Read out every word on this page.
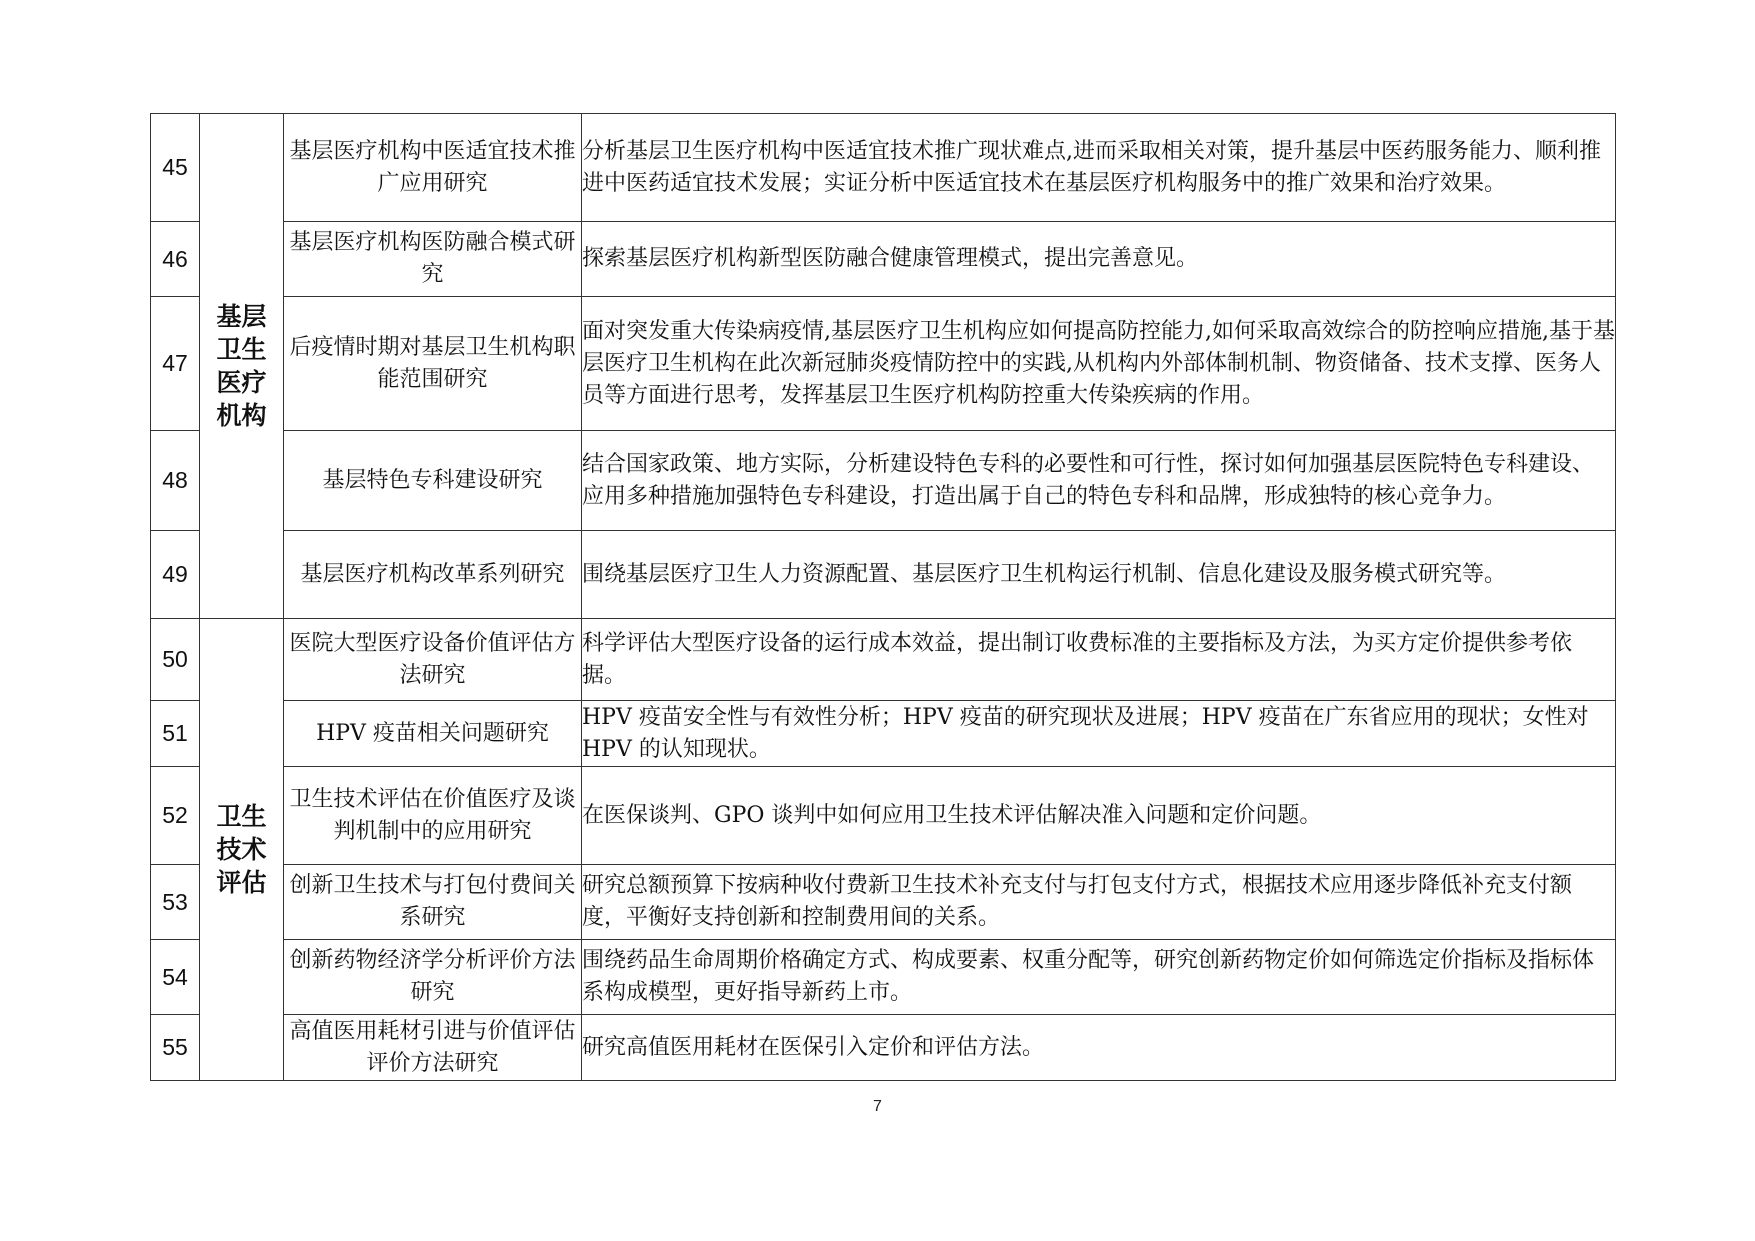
45	基层卫生医疗机构	基层医疗机构中医适宜技术推广应用研究	分析基层卫生医疗机构中医适宜技术推广现状难点,进而采取相关对策，提升基层中医药服务能力、顺利推进中医药适宜技术发展；实证分析中医适宜技术在基层医疗机构服务中的推广效果和治疗效果。
46		基层医疗机构医防融合模式研究	探索基层医疗机构新型医防融合健康管理模式，提出完善意见。
47		后疫情时期对基层卫生机构职能范围研究	面对突发重大传染病疫情,基层医疗卫生机构应如何提高防控能力,如何采取高效综合的防控响应措施,基于基层医疗卫生机构在此次新冠肺炎疫情防控中的实践,从机构内外部体制机制、物资储备、技术支撑、医务人员等方面进行思考，发挥基层卫生医疗机构防控重大传染疾病的作用。
48		基层特色专科建设研究	结合国家政策、地方实际，分析建设特色专科的必要性和可行性，探讨如何加强基层医院特色专科建设、应用多种措施加强特色专科建设，打造出属于自己的特色专科和品牌，形成独特的核心竞争力。
49		基层医疗机构改革系列研究	围绕基层医疗卫生人力资源配置、基层医疗卫生机构运行机制、信息化建设及服务模式研究等。
50	卫生技术评估	医院大型医疗设备价值评估方法研究	科学评估大型医疗设备的运行成本效益，提出制订收费标准的主要指标及方法，为买方定价提供参考依据。
51		HPV 疫苗相关问题研究	HPV 疫苗安全性与有效性分析；HPV 疫苗的研究现状及进展；HPV 疫苗在广东省应用的现状；女性对 HPV 的认知现状。
52		卫生技术评估在价值医疗及谈判机制中的应用研究	在医保谈判、GPO 谈判中如何应用卫生技术评估解决准入问题和定价问题。
53		创新卫生技术与打包付费间关系研究	研究总额预算下按病种收付费新卫生技术补充支付与打包支付方式，根据技术应用逐步降低补充支付额度，平衡好支持创新和控制费用间的关系。
54		创新药物经济学分析评价方法研究	围绕药品生命周期价格确定方式、构成要素、权重分配等，研究创新药物定价如何筛选定价指标及指标体系构成模型，更好指导新药上市。
55		高值医用耗材引进与价值评估评价方法研究	研究高值医用耗材在医保引入定价和评估方法。
7
